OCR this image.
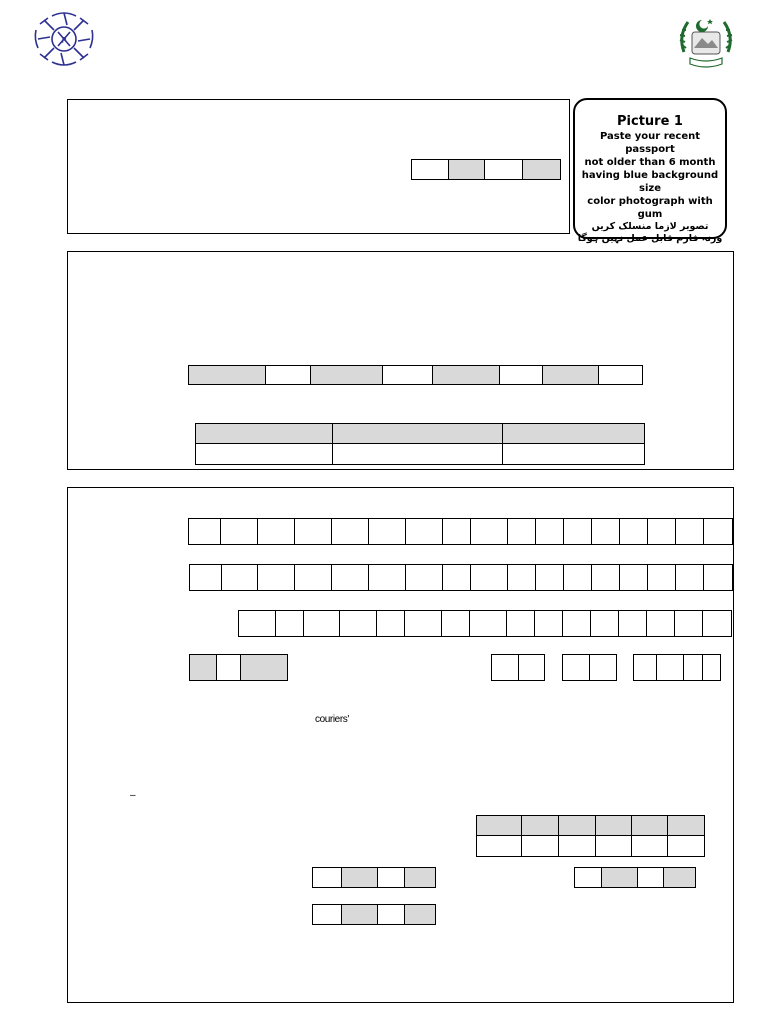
P
Picture 1
Paste your recent passport
not older than 6 month
having blue background size
color photograph with gum
تصویر لازما منسلک کریں
ورنہ فارم قابل عمل نہیں ہوگا
couriers'
–
